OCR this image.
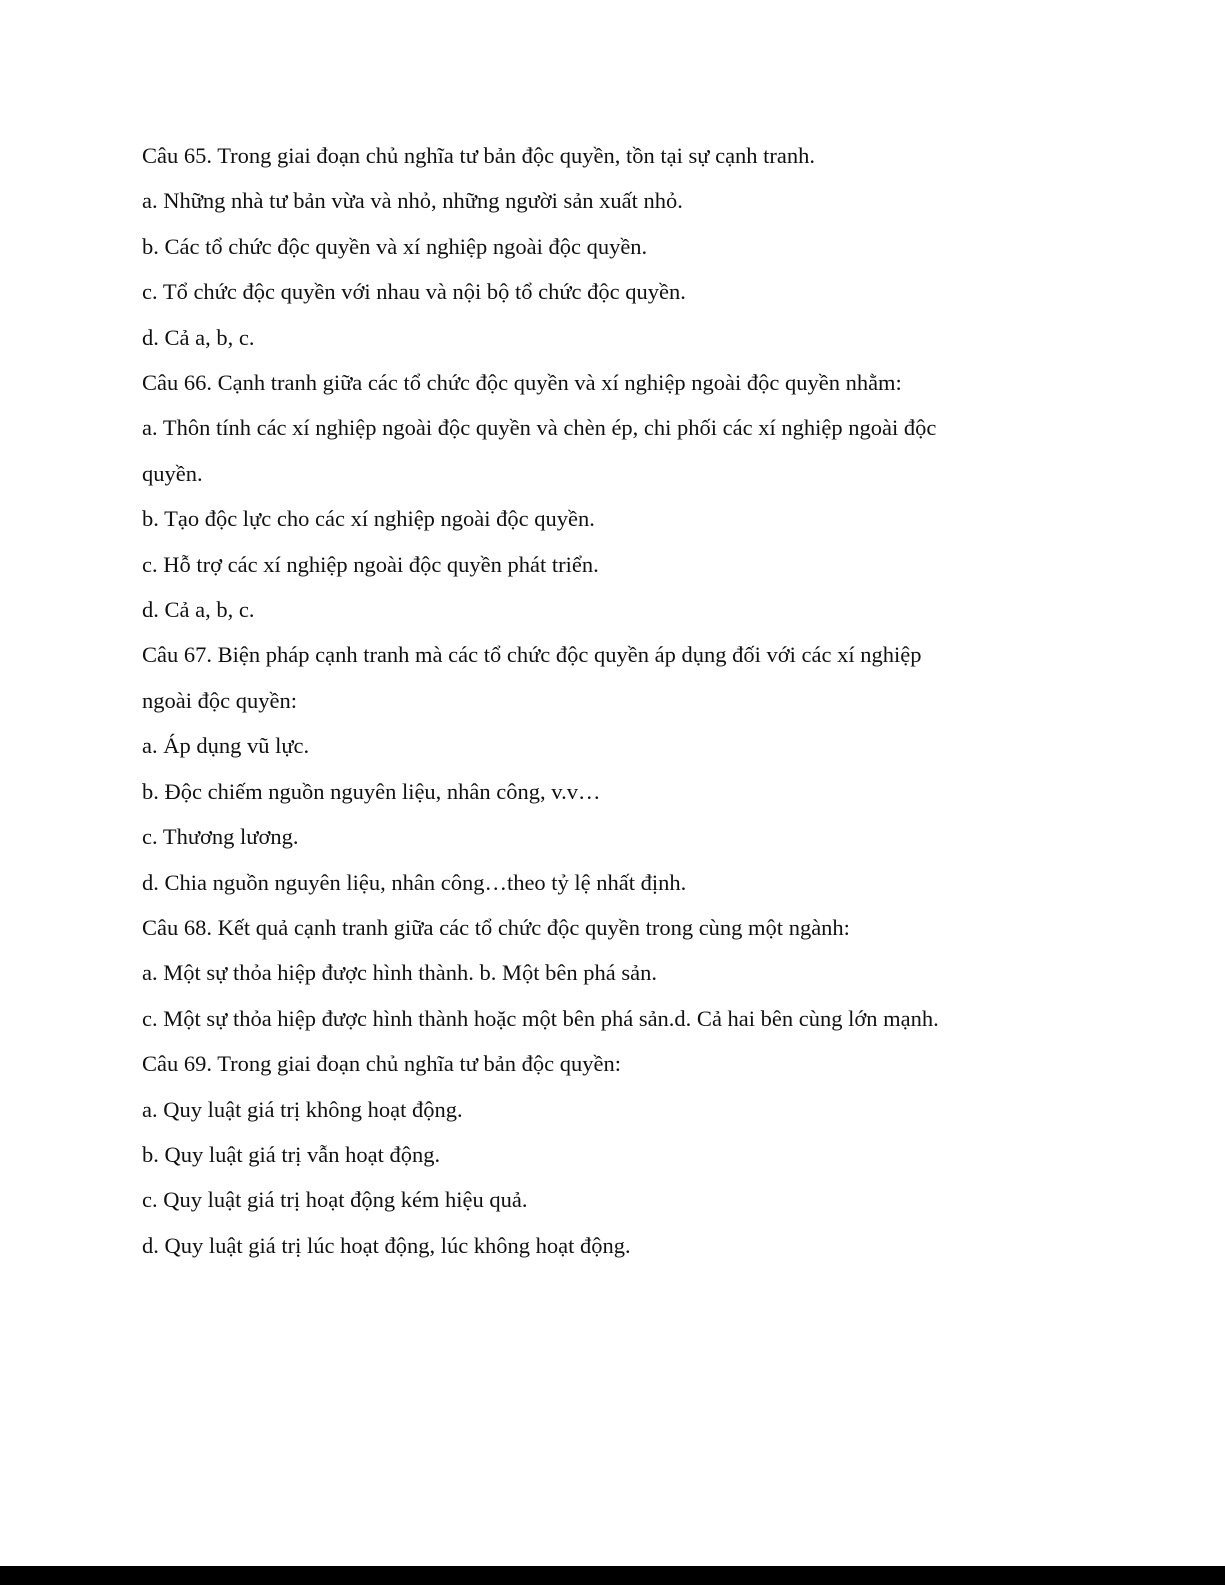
Câu 65. Trong giai đoạn chủ nghĩa tư bản độc quyền, tồn tại sự cạnh tranh.

a. Những nhà tư bản vừa và nhỏ, những người sản xuất nhỏ.

b. Các tổ chức độc quyền và xí nghiệp ngoài độc quyền.

c. Tổ chức độc quyền với nhau và nội bộ tổ chức độc quyền.

d. Cả a, b, c.

Câu 66. Cạnh tranh giữa các tổ chức độc quyền và xí nghiệp ngoài độc quyền nhằm:

a. Thôn tính các xí nghiệp ngoài độc quyền và chèn ép, chi phối các xí nghiệp ngoài độc

quyền.

b. Tạo độc lực cho các xí nghiệp ngoài độc quyền.

c. Hỗ trợ các xí nghiệp ngoài độc quyền phát triển.

d. Cả a, b, c.

Câu 67. Biện pháp cạnh tranh mà các tổ chức độc quyền áp dụng đối với các xí nghiệp

ngoài độc quyền:

a. Áp dụng vũ lực.

b. Độc chiếm nguồn nguyên liệu, nhân công, v.v…

c. Thương lương.

d. Chia nguồn nguyên liệu, nhân công…theo tỷ lệ nhất định.

Câu 68. Kết quả cạnh tranh giữa các tổ chức độc quyền trong cùng một ngành:

a. Một sự thỏa hiệp được hình thành. b. Một bên phá sản.

c. Một sự thỏa hiệp được hình thành hoặc một bên phá sản.d. Cả hai bên cùng lớn mạnh.

Câu 69. Trong giai đoạn chủ nghĩa tư bản độc quyền:

a. Quy luật giá trị không hoạt động.

b. Quy luật giá trị vẫn hoạt động.

c. Quy luật giá trị hoạt động kém hiệu quả.

d. Quy luật giá trị lúc hoạt động, lúc không hoạt động.
